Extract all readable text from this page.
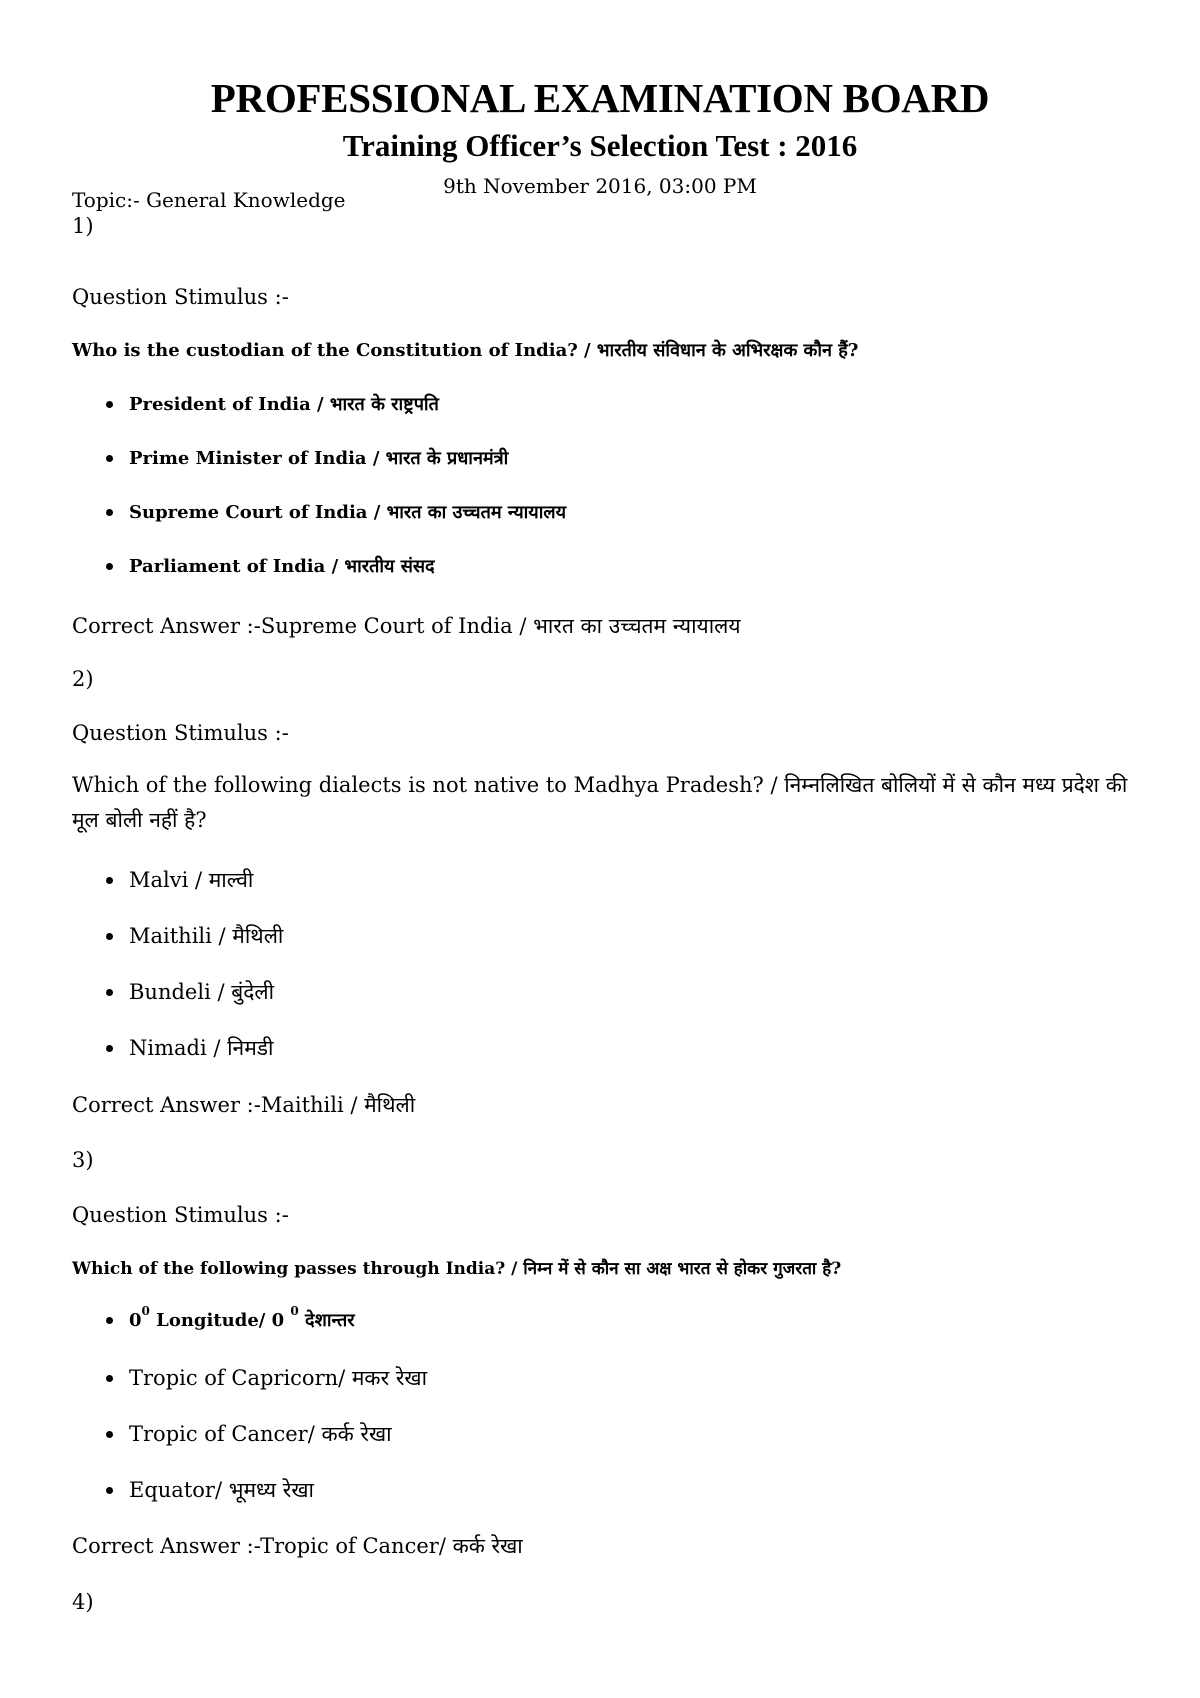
PROFESSIONAL EXAMINATION BOARD
Training Officer’s Selection Test : 2016
9th November 2016, 03:00 PM
Topic:- General Knowledge
1)
Question Stimulus :-
Who is the custodian of the Constitution of India? / भारतीय संविधान के अभिरक्षक कौन हैं?
President of India / भारत के राष्ट्रपति
Prime Minister of India / भारत के प्रधानमंत्री
Supreme Court of India / भारत का उच्चतम न्यायालय
Parliament of India / भारतीय संसद
Correct Answer :-Supreme Court of India / भारत का उच्चतम न्यायालय
2)
Question Stimulus :-
Which of the following dialects is not native to Madhya Pradesh? / निम्नलिखित बोलियों में से कौन मध्य प्रदेश की मूल बोली नहीं है?
Malvi / माल्वी
Maithili / मैथिली
Bundeli / बुंदेली
Nimadi / निमडी
Correct Answer :-Maithili / मैथिली
3)
Question Stimulus :-
Which of the following passes through India? / निम्न में से कौन सा अक्ष भारत से होकर गुजरता है?
$0^0$ Longitude/ 0 $^0$ देशान्तर
Tropic of Capricorn/ मकर रेखा
Tropic of Cancer/ कर्क रेखा
Equator/ भूमध्य रेखा
Correct Answer :-Tropic of Cancer/ कर्क रेखा
4)
